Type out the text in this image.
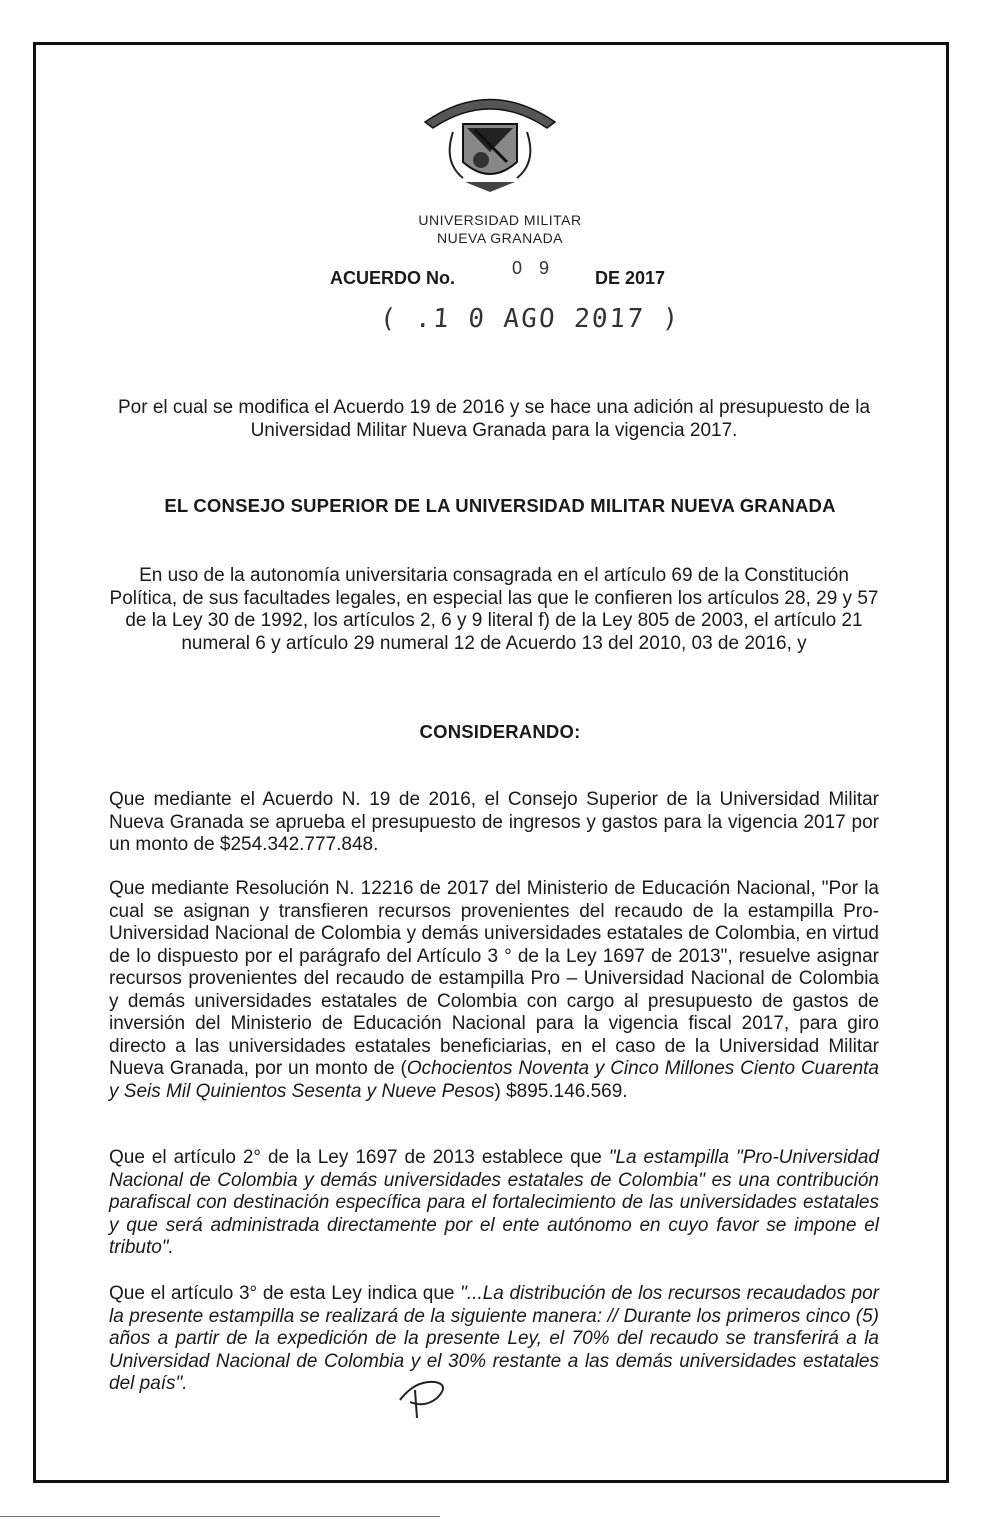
UNIVERSIDAD MILITAR
NUEVA GRANADA
ACUERDO No.	0 9 DE 2017
( .1 0 AGO 2017 )
Por el cual se modifica el Acuerdo 19 de 2016 y se hace una adición al presupuesto de la Universidad Militar Nueva Granada para la vigencia 2017.
EL CONSEJO SUPERIOR DE LA UNIVERSIDAD MILITAR NUEVA GRANADA
En uso de la autonomía universitaria consagrada en el artículo 69 de la Constitución Política, de sus facultades legales, en especial las que le confieren los artículos 28, 29 y 57 de la Ley 30 de 1992, los artículos 2, 6 y 9 literal f) de la Ley 805 de 2003, el artículo 21 numeral 6 y artículo 29 numeral 12 de Acuerdo 13 del 2010, 03 de 2016, y
CONSIDERANDO:
Que mediante el Acuerdo N. 19 de 2016, el Consejo Superior de la Universidad Militar Nueva Granada se aprueba el presupuesto de ingresos y gastos para la vigencia 2017 por un monto de $254.342.777.848.
Que mediante Resolución N. 12216 de 2017 del Ministerio de Educación Nacional, "Por la cual se asignan y transfieren recursos provenientes del recaudo de la estampilla Pro-Universidad Nacional de Colombia y demás universidades estatales de Colombia, en virtud de lo dispuesto por el parágrafo del Artículo 3 ° de la Ley 1697 de 2013", resuelve asignar recursos provenientes del recaudo de estampilla Pro – Universidad Nacional de Colombia y demás universidades estatales de Colombia con cargo al presupuesto de gastos de inversión del Ministerio de Educación Nacional para la vigencia fiscal 2017, para giro directo a las universidades estatales beneficiarias, en el caso de la Universidad Militar Nueva Granada, por un monto de (Ochocientos Noventa y Cinco Millones Ciento Cuarenta y Seis Mil Quinientos Sesenta y Nueve Pesos) $895.146.569.
Que el artículo 2° de la Ley 1697 de 2013 establece que "La estampilla "Pro-Universidad Nacional de Colombia y demás universidades estatales de Colombia" es una contribución parafiscal con destinación específica para el fortalecimiento de las universidades estatales y que será administrada directamente por el ente autónomo en cuyo favor se impone el tributo".
Que el artículo 3° de esta Ley indica que "...La distribución de los recursos recaudados por la presente estampilla se realizará de la siguiente manera: // Durante los primeros cinco (5) años a partir de la expedición de la presente Ley, el 70% del recaudo se transferirá a la Universidad Nacional de Colombia y el 30% restante a las demás universidades estatales del país".
